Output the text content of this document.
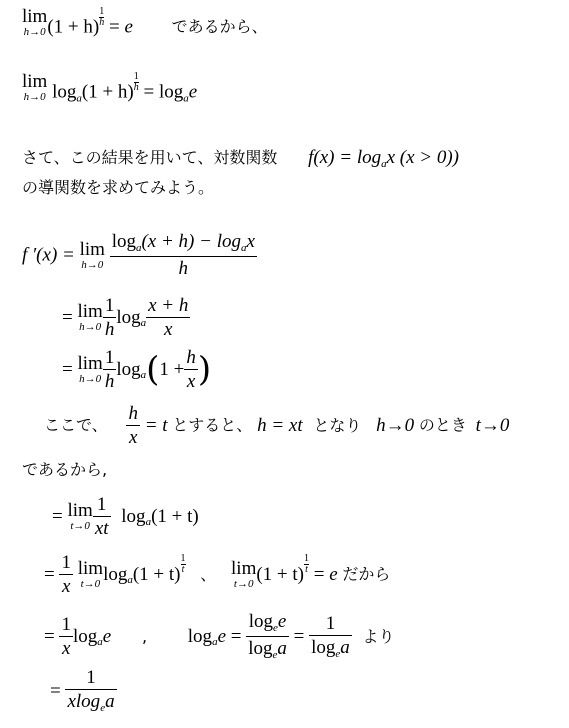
lim
h→0 $(1 + h) \frac{1}{h} = e$ であるから、
lim
h→0 $\log_a(1 + h) \frac{1}{h} = \log_ae$
さて、この結果を用いて、対数関数 $f(x) = \log_ax$ (x > 0))
の導関数を求めてみよう。
f ′(x) = lim
h→0
$\frac{\log_a(x + h) - \log_ax}{h}$
= lim
$h\to 0 \frac{1}{h} \log_a \frac{x + h}{x}$
= lim
$h\to 0 \frac{1}{h} \log_a(1 + \frac{h}{x}$ )
ここで、 $\frac{h}{x} = t$ とすると、 h = xt となり h→0 のとき t→0
であるから,
= lim
$t\to 0 \frac{1}{xt} \log_a(1 + t)$
= $\frac{1}{x}$
lim
t→0 $\log_a(1 + t) \frac{1}{t}$ 、 lim
t→0 $(1 + t) \frac{1}{t} = e$ だから
= $\frac{1}{x} \log_ae$ , $\log_ae = \frac{\log_ee}{\log_ea} = \frac{1}{\log_ea}$ より
= $\frac{1}{xlog_ea}$
